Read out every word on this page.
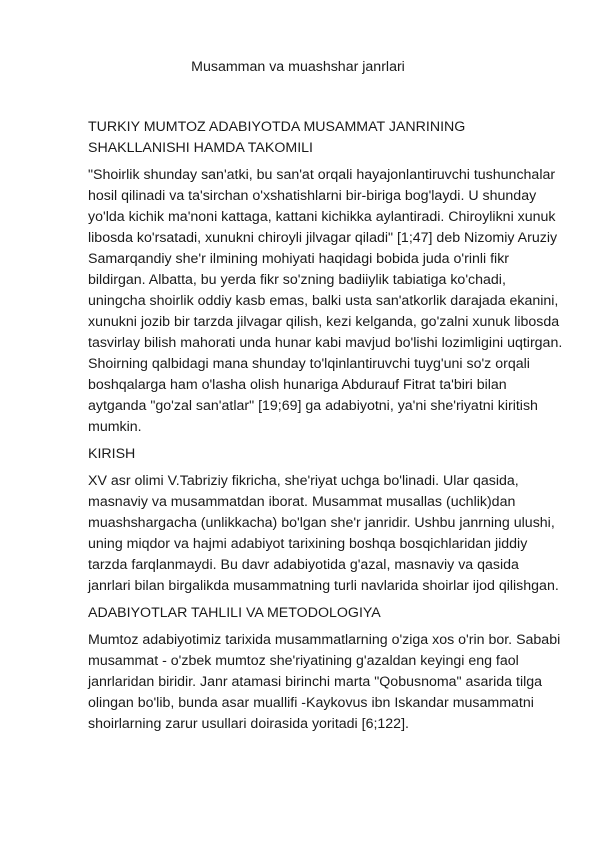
Musamman va muashshar janrlari
TURKIY MUMTOZ ADABIYOTDA MUSAMMAT JANRINING SHAKLLANISHI HAMDA TAKOMILI
"Shoirlik shunday san'atki, bu san'at orqali hayajonlantiruvchi tushunchalar hosil qilinadi va ta'sirchan o'xshatishlarni bir-biriga bog'laydi. U shunday yo'lda kichik ma'noni kattaga, kattani kichikka aylantiradi. Chiroylikni xunuk libosda ko'rsatadi, xunukni chiroyli jilvagar qiladi" [1;47] deb Nizomiy Aruziy Samarqandiy she'r ilmining mohiyati haqidagi bobida juda o'rinli fikr bildirgan. Albatta, bu yerda fikr so'zning badiiylik tabiatiga ko'chadi, uningcha shoirlik oddiy kasb emas, balki usta san'atkorlik darajada ekanini, xunukni jozib bir tarzda jilvagar qilish, kezi kelganda, go'zalni xunuk libosda tasvirlay bilish mahorati unda hunar kabi mavjud bo'lishi lozimligini uqtirgan. Shoirning qalbidagi mana shunday to'lqinlantiruvchi tuyg'uni so'z orqali boshqalarga ham o'lasha olish hunariga Abdurauf Fitrat ta'biri bilan aytganda "go'zal san'atlar" [19;69] ga adabiyotni, ya'ni she'riyatni kiritish mumkin.
KIRISH
XV asr olimi V.Tabriziy fikricha, she'riyat uchga bo'linadi. Ular qasida, masnaviy va musammatdan iborat. Musammat musallas (uchlik)dan muashshargacha (unlikkacha) bo'lgan she'r janridir. Ushbu janrning ulushi, uning miqdor va hajmi adabiyot tarixining boshqa bosqichlaridan jiddiy tarzda farqlanmaydi. Bu davr adabiyotida g'azal, masnaviy va qasida janrlari bilan birgalikda musammatning turli navlarida shoirlar ijod qilishgan.
ADABIYOTLAR TAHLILI VA METODOLOGIYA
Mumtoz adabiyotimiz tarixida musammatlarning o'ziga xos o'rin bor. Sababi musammat - o'zbek mumtoz she'riyatining g'azaldan keyingi eng faol janrlaridan biridir. Janr atamasi birinchi marta "Qobusnoma" asarida tilga olingan bo'lib, bunda asar muallifi -Kaykovus ibn Iskandar musammatni shoirlarning zarur usullari doirasida yoritadi [6;122].
